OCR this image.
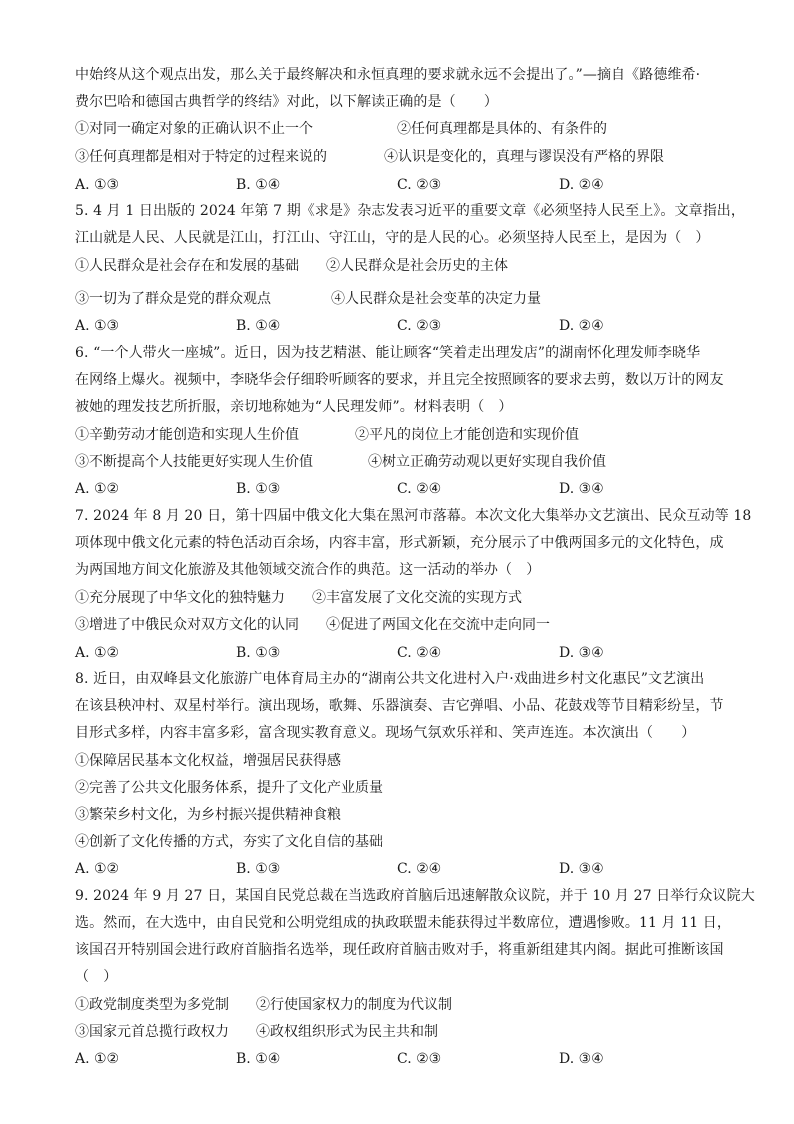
中始终从这个观点出发，那么关于最终解决和永恒真理的要求就永远不会提出了。”—摘自《路德维希·
费尔巴哈和德国古典哲学的终结》对此，以下解读正确的是（　　）
①对同一确定对象的正确认识不止一个	②任何真理都是具体的、有条件的
③任何真理都是相对于特定的过程来说的	④认识是变化的，真理与谬误没有严格的界限
A. ①③	B. ①④	C. ②③	D. ②④
5. 4 月 1 日出版的 2024 年第 7 期《求是》杂志发表习近平的重要文章《必须坚持人民至上》。文章指出，
江山就是人民、人民就是江山，打江山、守江山，守的是人民的心。必须坚持人民至上，是因为（　）
①人民群众是社会存在和发展的基础 ②人民群众是社会历史的主体
③一切为了群众是党的群众观点	④人民群众是社会变革的决定力量
A. ①③	B. ①④	C. ②③	D. ②④
6. “一个人带火一座城”。近日，因为技艺精湛、能让顾客“笑着走出理发店”的湖南怀化理发师李晓华
在网络上爆火。视频中，李晓华会仔细聆听顾客的要求，并且完全按照顾客的要求去剪，数以万计的网友
被她的理发技艺所折服，亲切地称她为“人民理发师”。材料表明（　）
①辛勤劳动才能创造和实现人生价值	②平凡的岗位上才能创造和实现价值
③不断提高个人技能更好实现人生价值	④树立正确劳动观以更好实现自我价值
A. ①②	B. ①③	C. ②④	D. ③④
7. 2024 年 8 月 20 日，第十四届中俄文化大集在黑河市落幕。本次文化大集举办文艺演出、民众互动等 18
项体现中俄文化元素的特色活动百余场，内容丰富，形式新颖，充分展示了中俄两国多元的文化特色，成
为两国地方间文化旅游及其他领域交流合作的典范。这一活动的举办（　）
①充分展现了中华文化的独特魅力 ②丰富发展了文化交流的实现方式
③增进了中俄民众对双方文化的认同 ④促进了两国文化在交流中走向同一
A. ①②	B. ①③	C. ②④	D. ③④
8. 近日，由双峰县文化旅游广电体育局主办的“湖南公共文化进村入户·戏曲进乡村文化惠民”文艺演出
在该县秧冲村、双星村举行。演出现场，歌舞、乐器演奏、吉它弹唱、小品、花鼓戏等节目精彩纷呈，节
目形式多样，内容丰富多彩，富含现实教育意义。现场气氛欢乐祥和、笑声连连。本次演出（　　）
①保障居民基本文化权益，增强居民获得感
②完善了公共文化服务体系，提升了文化产业质量
③繁荣乡村文化，为乡村振兴提供精神食粮
④创新了文化传播的方式，夯实了文化自信的基础
A. ①②	B. ①③	C. ②④	D. ③④
9. 2024 年 9 月 27 日，某国自民党总裁在当选政府首脑后迅速解散众议院，并于 10 月 27 日举行众议院大
选。然而，在大选中，由自民党和公明党组成的执政联盟未能获得过半数席位，遭遇惨败。11 月 11 日，
该国召开特别国会进行政府首脑指名选举，现任政府首脑击败对手，将重新组建其内阁。据此可推断该国
（　）
①政党制度类型为多党制 ②行使国家权力的制度为代议制
③国家元首总揽行政权力 ④政权组织形式为民主共和制
A. ①②	B. ①④	C. ②③	D. ③④
